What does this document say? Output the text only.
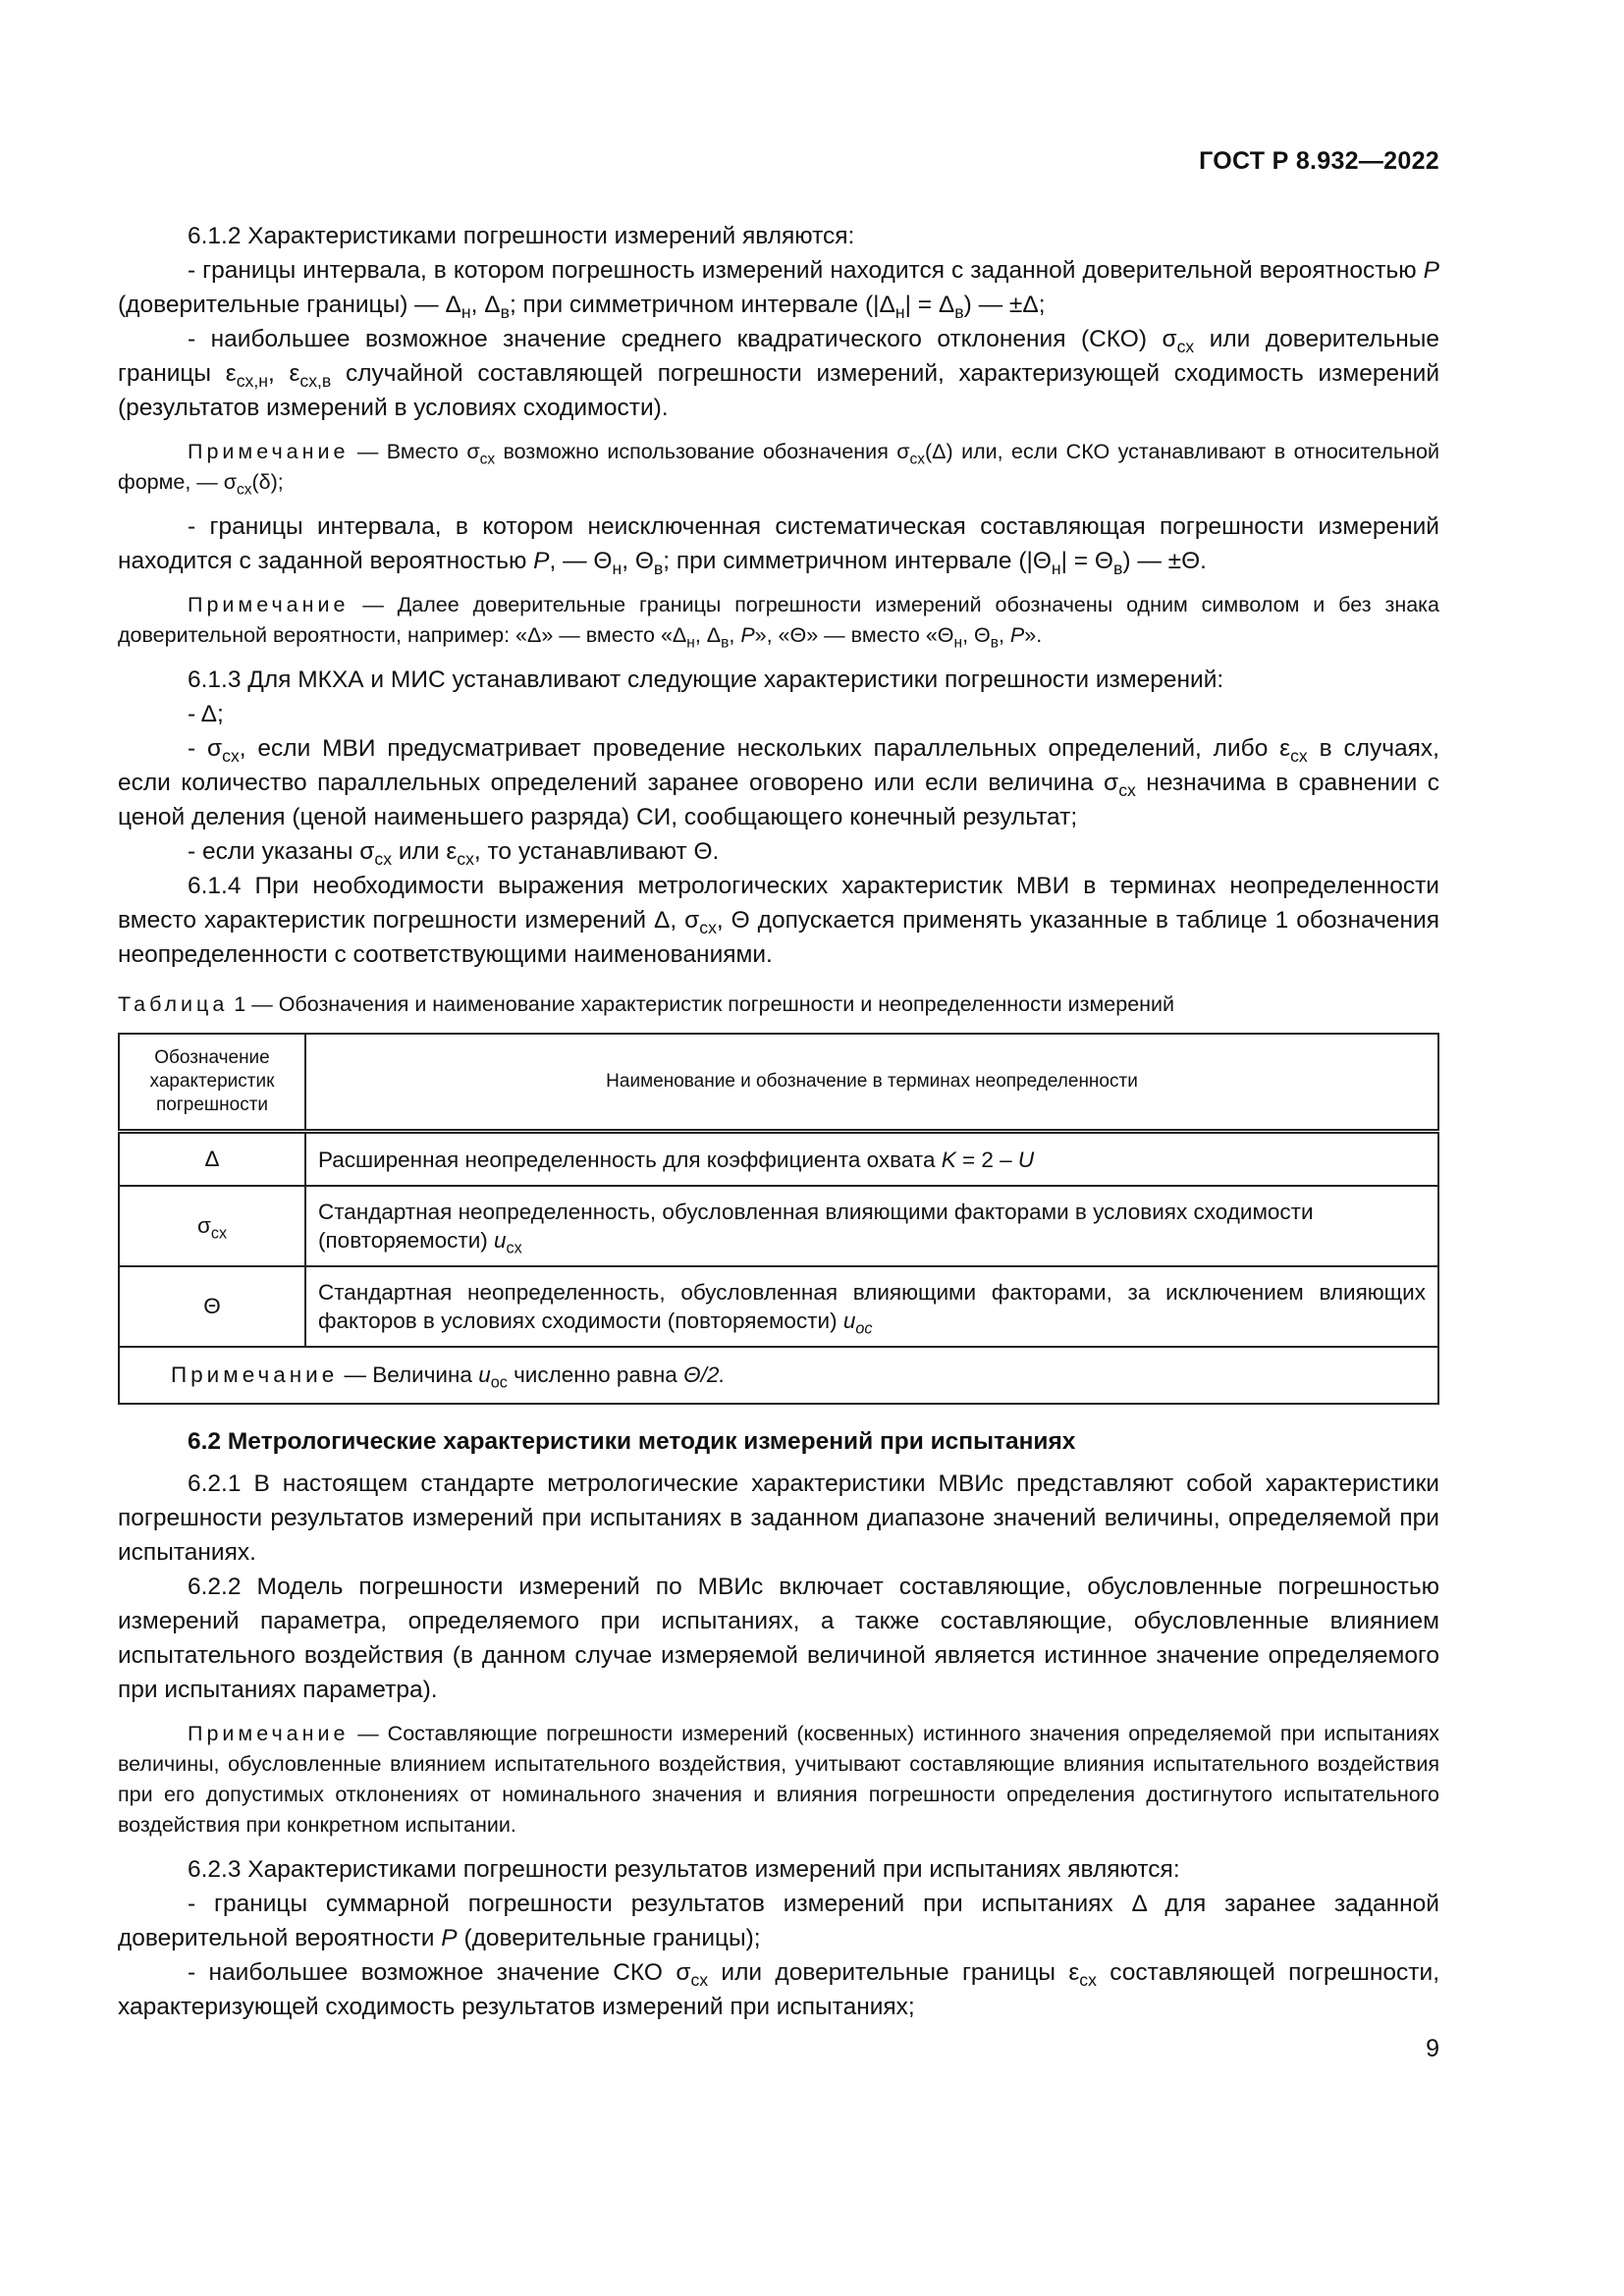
ГОСТ Р 8.932—2022

6.1.2 Характеристиками погрешности измерений являются:

- границы интервала, в котором погрешность измерений находится с заданной доверительной вероятностью P (доверительные границы) — $\Delta_н$, $\Delta_в$; при симметричном интервале $(|\Delta_н| = \Delta_в)$ — ±Δ;

- наибольшее возможное значение среднего квадратического отклонения (СКО) $\sigma_{сх}$ или доверительные границы $\varepsilon_{сх,н}$, $\varepsilon_{сх,в}$ случайной составляющей погрешности измерений, характеризующей сходимость измерений (результатов измерений в условиях сходимости).

Примечание — Вместо $\sigma_{сх}$ возможно использование обозначения $\sigma_{сх}(\Delta)$ или, если СКО устанавливают в относительной форме, — $\sigma_{сх}(\delta)$;

- границы интервала, в котором неисключенная систематическая составляющая погрешности измерений находится с заданной вероятностью P, — $\Theta_н$, $\Theta_в$; при симметричном интервале $(|\Theta_н| = \Theta_в)$ — ±Θ.

Примечание — Далее доверительные границы погрешности измерений обозначены одним символом и без знака доверительной вероятности, например: «Δ» — вместо «$\Delta_н$, $\Delta_в$, P», «Θ» — вместо «$\Theta_н$, $\Theta_в$, P».

6.1.3 Для МКХА и МИС устанавливают следующие характеристики погрешности измерений:

- Δ;

- $\sigma_{сх}$, если МВИ предусматривает проведение нескольких параллельных определений, либо $\varepsilon_{сх}$ в случаях, если количество параллельных определений заранее оговорено или если величина $\sigma_{сх}$ незначима в сравнении с ценой деления (ценой наименьшего разряда) СИ, сообщающего конечный результат;

- если указаны $\sigma_{сх}$ или $\varepsilon_{сх}$, то устанавливают Θ.

6.1.4 При необходимости выражения метрологических характеристик МВИ в терминах неопределенности вместо характеристик погрешности измерений Δ, $\sigma_{сх}$, Θ допускается применять указанные в таблице 1 обозначения неопределенности с соответствующими наименованиями.

Таблица 1 — Обозначения и наименование характеристик погрешности и неопределенности измерений

Обозначение характеристик погрешности	Наименование и обозначение в терминах неопределенности
Δ	Расширенная неопределенность для коэффициента охвата K = 2 – U
$\sigma_{сх}$	Стандартная неопределенность, обусловленная влияющими факторами в условиях сходимости (повторяемости) $u_{сх}$
Θ	Стандартная неопределенность, обусловленная влияющими факторами, за исключением влияющих факторов в условиях сходимости (повторяемости) $u_{ос}$
Примечание — Величина $u_{ос}$ численно равна Θ/2.	

6.2 Метрологические характеристики методик измерений при испытаниях

6.2.1 В настоящем стандарте метрологические характеристики МВИс представляют собой характеристики погрешности результатов измерений при испытаниях в заданном диапазоне значений величины, определяемой при испытаниях.

6.2.2 Модель погрешности измерений по МВИс включает составляющие, обусловленные погрешностью измерений параметра, определяемого при испытаниях, а также составляющие, обусловленные влиянием испытательного воздействия (в данном случае измеряемой величиной является истинное значение определяемого при испытаниях параметра).

Примечание — Составляющие погрешности измерений (косвенных) истинного значения определяемой при испытаниях величины, обусловленные влиянием испытательного воздействия, учитывают составляющие влияния испытательного воздействия при его допустимых отклонениях от номинального значения и влияния погрешности определения достигнутого испытательного воздействия при конкретном испытании.

6.2.3 Характеристиками погрешности результатов измерений при испытаниях являются:

- границы суммарной погрешности результатов измерений при испытаниях Δ для заранее заданной доверительной вероятности P (доверительные границы);

- наибольшее возможное значение СКО $\sigma_{сх}$ или доверительные границы $\varepsilon_{сх}$ составляющей погрешности, характеризующей сходимость результатов измерений при испытаниях;

9
